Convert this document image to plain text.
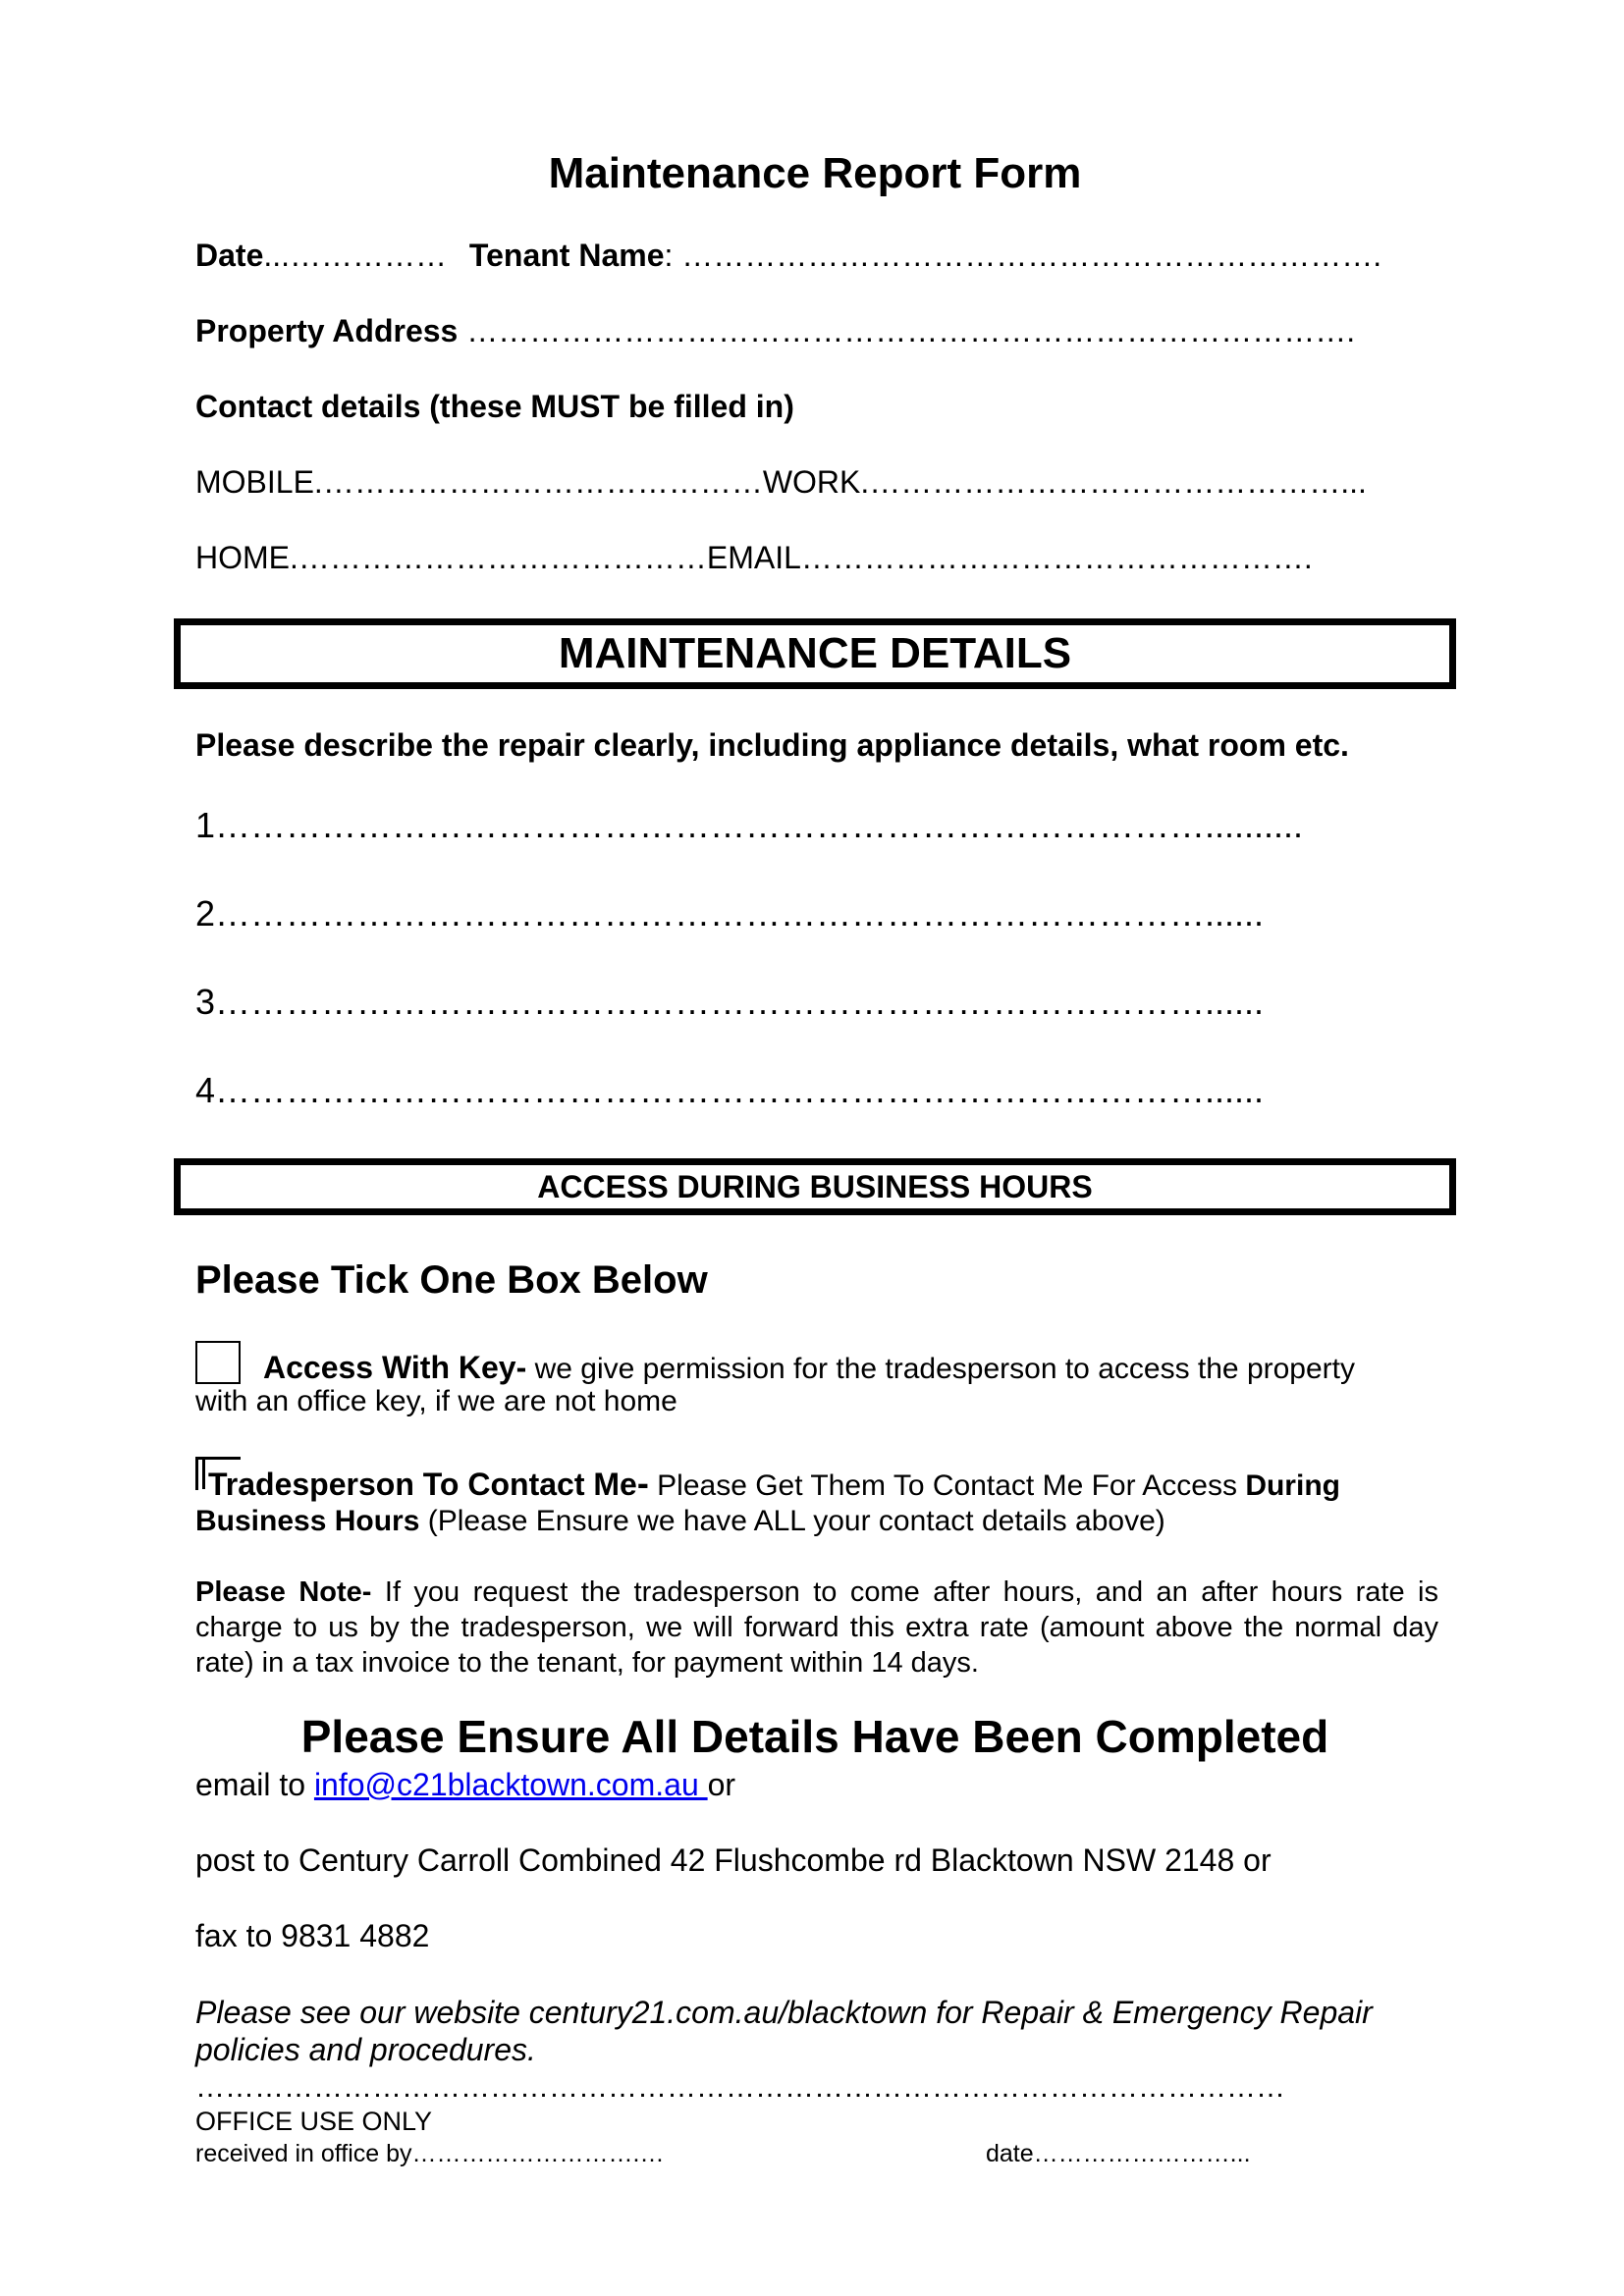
Maintenance Report Form
Date...…………… Tenant Name: ………………………………………………………….
Property Address ………………………………………………………………………….
Contact details (these MUST be filled in)
MOBILE.……………………………………WORK.………………………………………...
HOME.…………………………………EMAIL………………………………………….
MAINTENANCE DETAILS
Please describe the repair clearly, including appliance details, what room etc.
1…………………………………………………………………………..........
2…………………………………………………………………………......
3…………………………………………………………………………......
4…………………………………………………………………………......
ACCESS DURING BUSINESS HOURS
Please Tick One Box Below
Access With Key- we give permission for the tradesperson to access the property
with an office key, if we are not home
Tradesperson To Contact Me- Please Get Them To Contact Me For Access During
Business Hours (Please Ensure we have ALL your contact details above)
Please Note- If you request the tradesperson to come after hours, and an after hours rate is charge to us by the tradesperson, we will forward this extra rate (amount above the normal day rate) in a tax invoice to the tenant, for payment within 14 days.
Please Ensure All Details Have Been Completed
email to info@c21blacktown.com.au or
post to Century Carroll Combined 42 Flushcombe rd Blacktown NSW 2148 or
fax to 9831 4882
Please see our website century21.com.au/blacktown for Repair & Emergency Repair policies and procedures.
…………………………………………………………………………………………………
OFFICE USE ONLY
received in office by……………………….…	date……………………...
